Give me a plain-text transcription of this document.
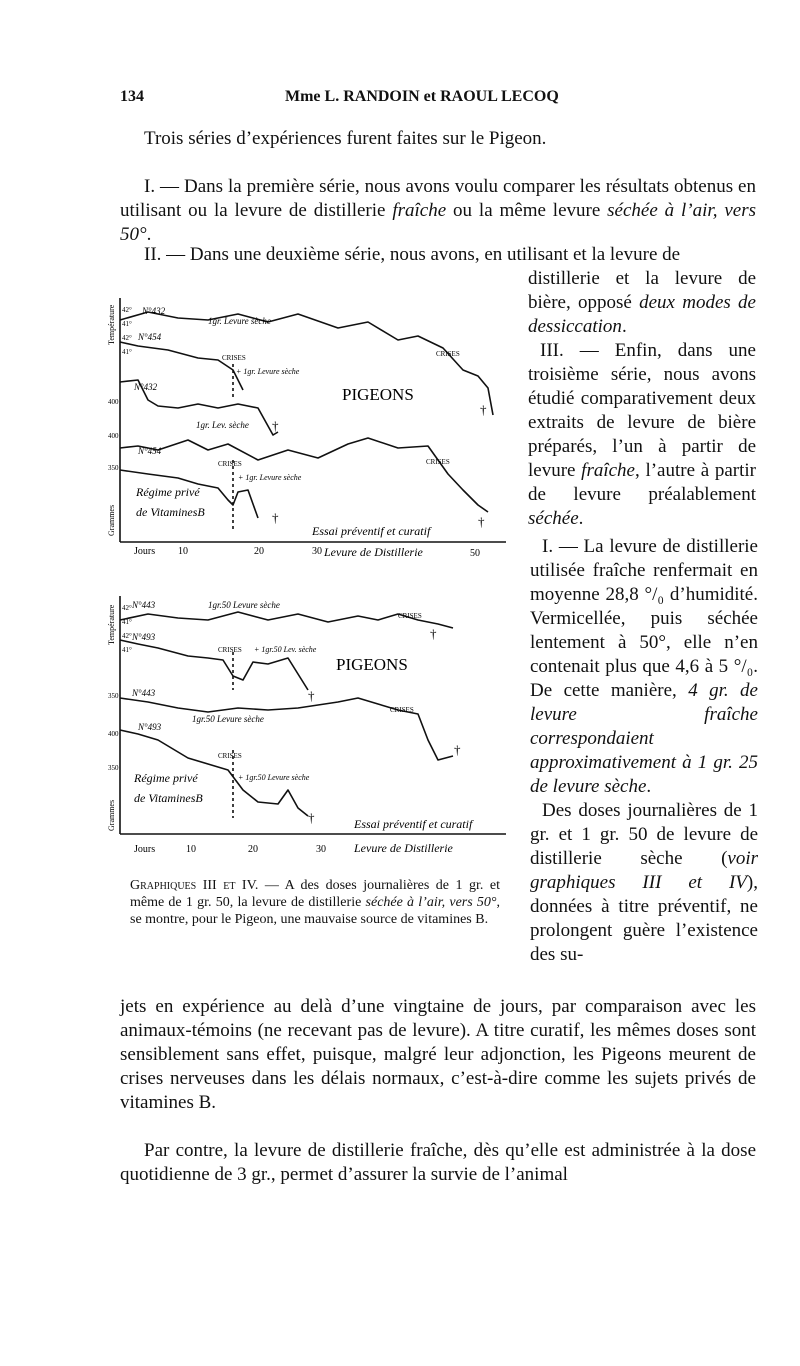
134	Mme L. RANDOIN et RAOUL LECOQ

Trois séries d’expériences furent faites sur le Pigeon.

I. — Dans la première série, nous avons voulu comparer les résultats obtenus en utilisant ou la levure de distillerie fraîche ou la même levure séchée à l’air, vers 50°.

II. — Dans une deuxième série, nous avons, en utilisant et la levure de

distillerie et la levure de bière, opposé deux modes de dessiccation.

III. — Enfin, dans une troisième série, nous avons étudié comparativement deux extraits de levure de bière préparés, l’un à partir de levure fraîche, l’autre à partir de levure préalablement séchée.

I. — La levure de distillerie utilisée fraîche renfermait en moyenne 28,8 °/₀ d’humidité. Vermicellée, puis séchée lentement à 50°, elle n’en contenait plus que 4,6 à 5 °/₀. De cette manière, 4 gr. de levure fraîche correspondaient approximativement à 1 gr. 25 de levure sèche.
Des doses journalières de 1 gr. et 1 gr. 50 de levure de distillerie sèche (voir graphiques III et IV), données à titre préventif, ne prolongent guère l’existence des su-

Température
Grammes
42°
41°
42°
41°
400
400
350
N°432
N°454
N°432
N°454
1gr. Levure sèche
+ 1gr. Levure sèche
1gr. Lev. sèche
+ 1gr. Levure sèche
CRISES	CRISES
CRISES	CRISES
PIGEONS
Régime privé
de VitaminesB
†
†
†	†
Jours 10	20	30	50
Essai préventif et curatif
Levure de Distillerie
Température
Grammes
42°
41°
42°
41°
350
400
350
N°443
N°493
N°443
N°493
1gr.50 Levure sèche
+ 1gr.50 Lev. sèche
1gr.50 Levure sèche
+ 1gr.50 Levure sèche
CRISES
CRISES
CRISES
CRISES
PIGEONS
Régime privé
de VitaminesB
†
†
†
†
Jours	10	20	30
Essai préventif et curatif
Levure de Distillerie

Graphiques III et IV. — A des doses journalières de 1 gr. et même de 1 gr. 50, la levure de distillerie séchée à l’air, vers 50°, se montre, pour le Pigeon, une mauvaise source de vitamines B.

jets en expérience au delà d’une vingtaine de jours, par comparaison avec les animaux-témoins (ne recevant pas de levure). A titre curatif, les mêmes doses sont sensiblement sans effet, puisque, malgré leur adjonction, les Pigeons meurent de crises nerveuses dans les délais normaux, c’est-à-dire comme les sujets privés de vitamines B.

Par contre, la levure de distillerie fraîche, dès qu’elle est administrée à la dose quotidienne de 3 gr., permet d’assurer la survie de l’animal
